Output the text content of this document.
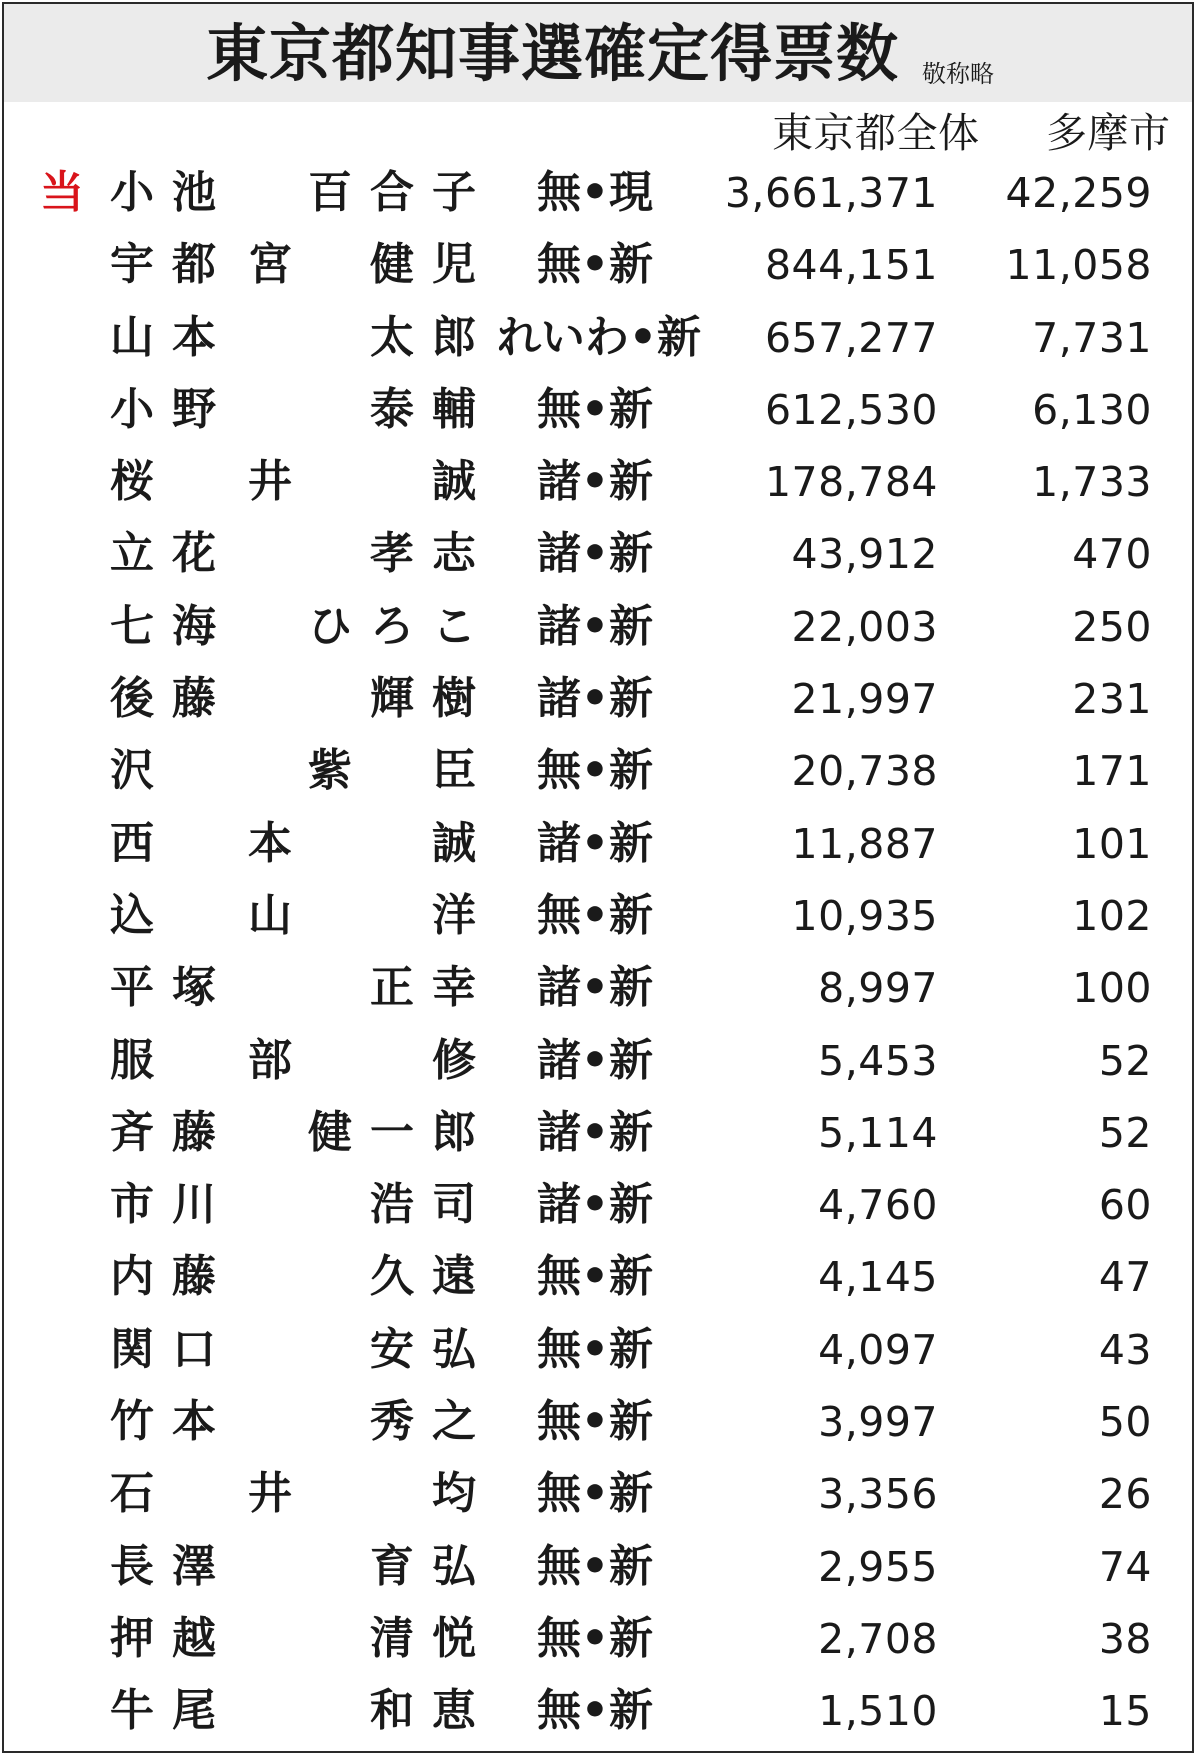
東京都知事選確定得票数 敬称略
東京都全体 多摩市
当 小 池 百 合 子	無•現	3,661,371 42,259
宇 都 宮 健 児	無•新	844,151 11,058
山 本	太 郎 れいわ•新	657,277 7,731
小 野	泰 輔	無•新	612,530 6,130
桜 井	誠	諸•新	178,784 1,733
立 花	孝 志	諸•新	43,912	470
七 海 ひ ろ こ	諸•新	22,003	250
後 藤	輝 樹	諸•新	21,997	231
沢	紫 臣	無•新	20,738	171
西 本	誠	諸•新	11,887	101
込 山	洋	無•新	10,935	102
平 塚	正 幸	諸•新	8,997	100
服 部	修	諸•新	5,453	52
斉 藤 健 一 郎	諸•新	5,114	52
市 川	浩 司	諸•新	4,760	60
内 藤	久 遠	無•新	4,145	47
関 口	安 弘	無•新	4,097	43
竹 本	秀 之	無•新	3,997	50
石 井	均	無•新	3,356	26
長 澤	育 弘	無•新	2,955	74
押 越	清 悦	無•新	2,708	38
牛 尾	和 恵	無•新	1,510	15
